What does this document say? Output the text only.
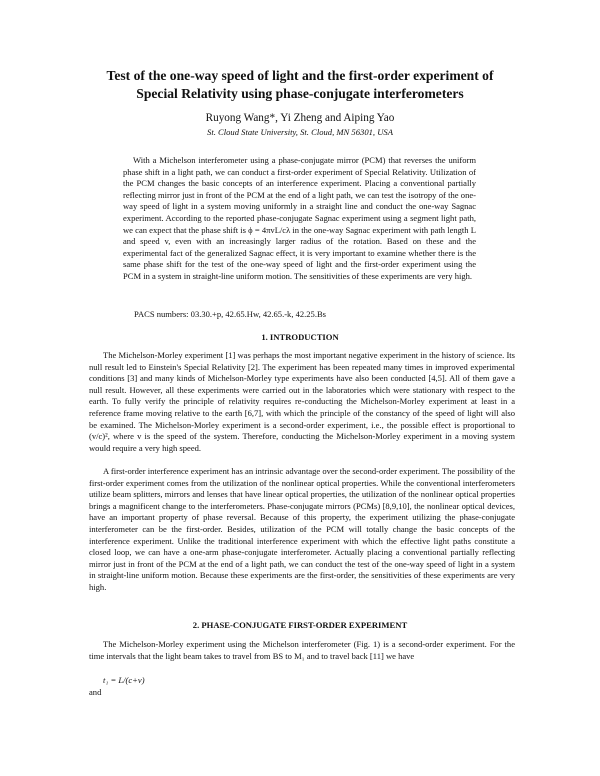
Test of the one-way speed of light and the first-order experiment of
Special Relativity using phase-conjugate interferometers
Ruyong Wang*, Yi Zheng and Aiping Yao
St. Cloud State University, St. Cloud, MN 56301, USA

With a Michelson interferometer using a phase-conjugate mirror (PCM) that reverses the uniform phase shift in a light path, we can conduct a first-order experiment of Special Relativity. Utilization of the PCM changes the basic concepts of an interference experiment. Placing a conventional partially reflecting mirror just in front of the PCM at the end of a light path, we can test the isotropy of the one-way speed of light in a system moving uniformly in a straight line and conduct the one-way Sagnac experiment. According to the reported phase-conjugate Sagnac experiment using a segment light path, we can expect that the phase shift is ϕ = 4πvL/cλ in the one-way Sagnac experiment with path length L and speed v, even with an increasingly larger radius of the rotation. Based on these and the experimental fact of the generalized Sagnac effect, it is very important to examine whether there is the same phase shift for the test of the one-way speed of light and the first-order experiment using the PCM in a system in straight-line uniform motion. The sensitivities of these experiments are very high.

PACS numbers: 03.30.+p, 42.65.Hw, 42.65.-k, 42.25.Bs
1. INTRODUCTION

The Michelson-Morley experiment [1] was perhaps the most important negative experiment in the history of science. Its null result led to Einstein's Special Relativity [2]. The experiment has been repeated many times in improved experimental conditions [3] and many kinds of Michelson-Morley type experiments have also been conducted [4,5]. All of them gave a null result. However, all these experiments were carried out in the laboratories which were stationary with respect to the earth. To fully verify the principle of relativity requires re-conducting the Michelson-Morley experiment at least in a reference frame moving relative to the earth [6,7], with which the principle of the constancy of the speed of light will also be examined. The Michelson-Morley experiment is a second-order experiment, i.e., the possible effect is proportional to (v/c)², where v is the speed of the system. Therefore, conducting the Michelson-Morley experiment in a moving system would require a very high speed.

A first-order interference experiment has an intrinsic advantage over the second-order experiment. The possibility of the first-order experiment comes from the utilization of the nonlinear optical properties. While the conventional interferometers utilize beam splitters, mirrors and lenses that have linear optical properties, the utilization of the nonlinear optical properties brings a magnificent change to the interferometers. Phase-conjugate mirrors (PCMs) [8,9,10], the nonlinear optical devices, have an important property of phase reversal. Because of this property, the experiment utilizing the phase-conjugate interferometer can be the first-order. Besides, utilization of the PCM will totally change the basic concepts of the interference experiment. Unlike the traditional interference experiment with which the effective light paths constitute a closed loop, we can have a one-arm phase-conjugate interferometer. Actually placing a conventional partially reflecting mirror just in front of the PCM at the end of a light path, we can conduct the test of the one-way speed of light in a system in straight-line uniform motion. Because these experiments are the first-order, the sensitivities of these experiments are very high.

2. PHASE-CONJUGATE FIRST-ORDER EXPERIMENT

The Michelson-Morley experiment using the Michelson interferometer (Fig. 1) is a second-order experiment. For the time intervals that the light beam takes to travel from BS to M₁ and to travel back [11] we have

t₁ = L/(c+v)
and
